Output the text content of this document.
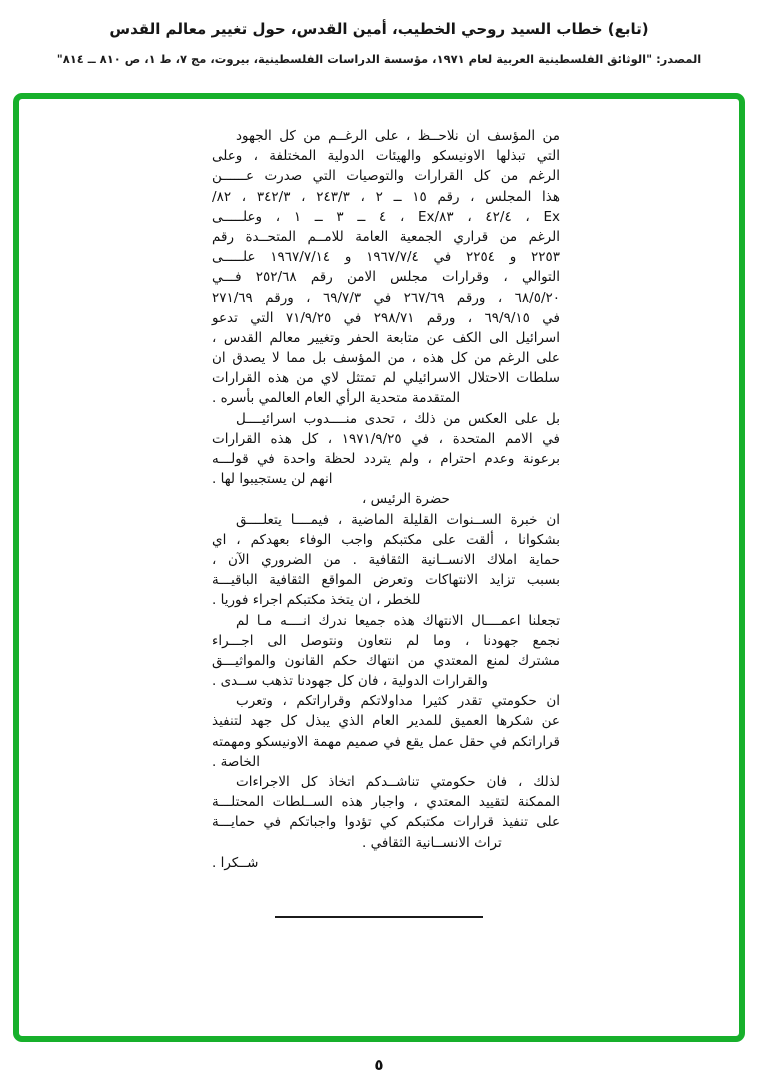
(تابع) خطاب السيد روحي الخطيب، أمين القدس، حول تغيير معالم القدس
المصدر: "الوثائق الفلسطينية العربية لعام ١٩٧١، مؤسسة الدراسات الفلسطينية، بيروت، مج ٧، ط ١، ص ٨١٠ ــ ٨١٤"
من المؤسف ان نلاحــظ ، على الرغــم من كل الجهود
التي تبذلها الاونيسكو والهيئات الدولية المختلفة ، وعلى
الرغم من كل القرارات والتوصيات التي صدرت عــــــن
هذا المجلس ، رقم ١٥ ــ ٢ ، ٢٤٣/٣ ، ٣٤٢/٣ ، ٨٢/
Ex ، ٤٢/٤ ، ٨٣/Ex ، ٤ ــ ٣ ــ ١ ، وعلـــــى
الرغم من قراري الجمعية العامة للامــم المتحــدة رقم
٢٢٥٣ و ٢٢٥٤ في ١٩٦٧/٧/٤ و ١٩٦٧/٧/١٤ علـــــى
التوالي ، وقرارات مجلس الامن رقم ٢٥٢/٦٨ فـــي
٦٨/٥/٢٠ ، ورقم ٢٦٧/٦٩ في ٦٩/٧/٣ ، ورقم ٢٧١/٦٩
في ٦٩/٩/١٥ ، ورقم ٢٩٨/٧١ في ٧١/٩/٢٥ التي تدعو
اسرائيل الى الكف عن متابعة الحفر وتغيير معالم القدس ،
على الرغم من كل هذه ، من المؤسف بل مما لا يصدق ان
سلطات الاحتلال الاسرائيلي لم تمتثل لاي من هذه القرارات
المتقدمة متحدية الرأي العام العالمي بأسره .
بل على العكس من ذلك ، تحدى منــــدوب اسرائيــــل
في الامم المتحدة ، في ١٩٧١/٩/٢٥ ، كل هذه القرارات
برعونة وعدم احترام ، ولم يتردد لحظة واحدة في قولـــه
انهم لن يستجيبوا لها .
حضرة الرئيس ،
ان خبرة الســنوات القليلة الماضية ، فيمــــا يتعلــــق
بشكوانا ، ألقت على مكتبكم واجب الوفاء بعهدكم ، اي
حماية املاك الانســانية الثقافية . من الضروري الآن ،
بسبب تزايد الانتهاكات وتعرض المواقع الثقافية الباقيـــة
للخطر ، ان يتخذ مكتبكم اجراء فوريا .
تجعلنا اعمــــال الانتهاك هذه جميعا ندرك انــــه مـا لم
نجمع جهودنا ، وما لم نتعاون ونتوصل الى اجـــراء
مشترك لمنع المعتدي من انتهاك حكم القانون والمواثيـــق
والقرارات الدولية ، فان كل جهودنا تذهب ســدى .
ان حكومتي تقدر كثيرا مداولاتكم وقراراتكم ، وتعرب
عن شكرها العميق للمدير العام الذي يبذل كل جهد لتنفيذ
قراراتكم في حقل عمل يقع في صميم مهمة الاونيسكو ومهمته
الخاصة .
لذلك ، فان حكومتي تناشــدكم اتخاذ كل الاجراءات
الممكنة لتقييد المعتدي ، واجبار هذه الســلطات المحتلـــة
على تنفيذ قرارات مكتبكم كي تؤدوا واجباتكم في حمايـــة
تراث الانســانية الثقافي .
شــكرا .
٥
